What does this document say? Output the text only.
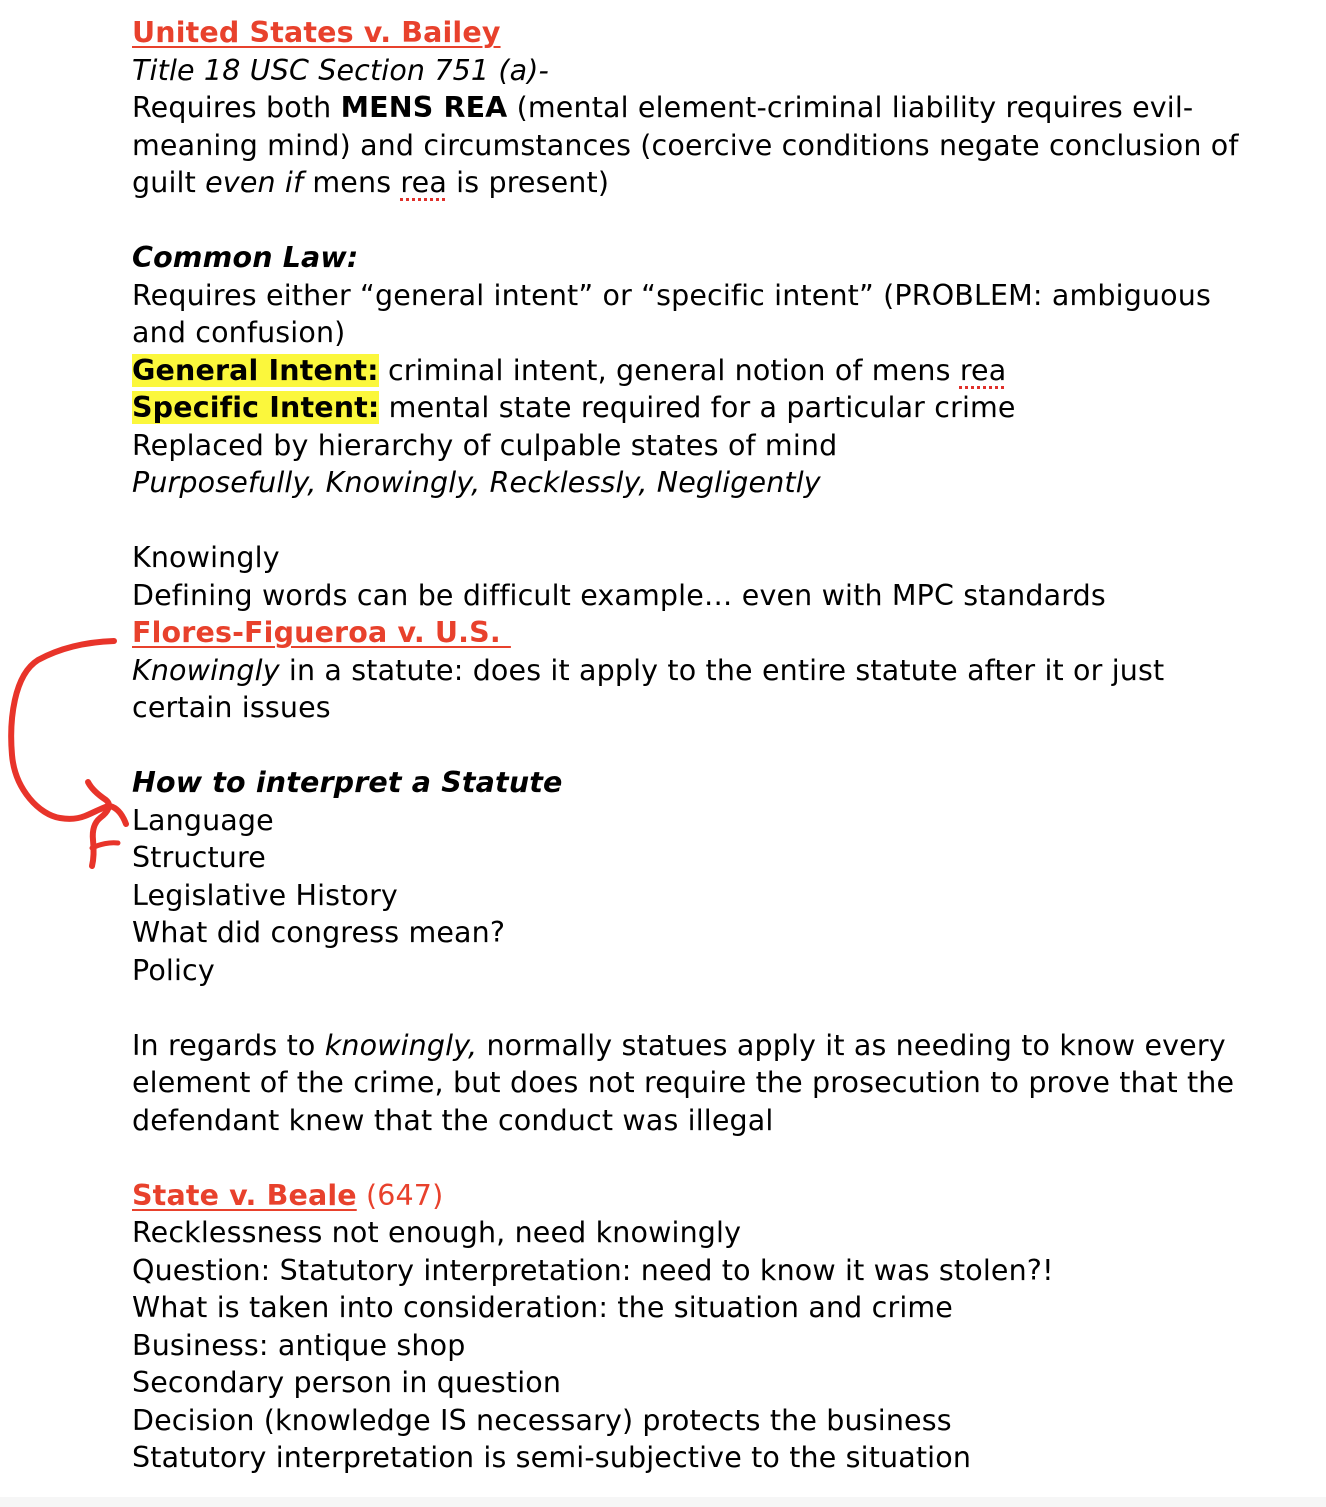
United States v. Bailey
Title 18 USC Section 751 (a)-
Requires both MENS REA (mental element-criminal liability requires evil-
meaning mind) and circumstances (coercive conditions negate conclusion of
guilt even if mens rea is present)
Common Law:
Requires either “general intent” or “specific intent” (PROBLEM: ambiguous
and confusion)
General Intent: criminal intent, general notion of mens rea
Specific Intent: mental state required for a particular crime
Replaced by hierarchy of culpable states of mind
Purposefully, Knowingly, Recklessly, Negligently
Knowingly
Defining words can be difficult example… even with MPC standards
Flores-Figueroa v. U.S.
Knowingly in a statute: does it apply to the entire statute after it or just
certain issues
How to interpret a Statute
Language
Structure
Legislative History
What did congress mean?
Policy
In regards to knowingly, normally statues apply it as needing to know every
element of the crime, but does not require the prosecution to prove that the
defendant knew that the conduct was illegal
State v. Beale (647)
Recklessness not enough, need knowingly
Question: Statutory interpretation: need to know it was stolen?!
What is taken into consideration: the situation and crime
Business: antique shop
Secondary person in question
Decision (knowledge IS necessary) protects the business
Statutory interpretation is semi-subjective to the situation
